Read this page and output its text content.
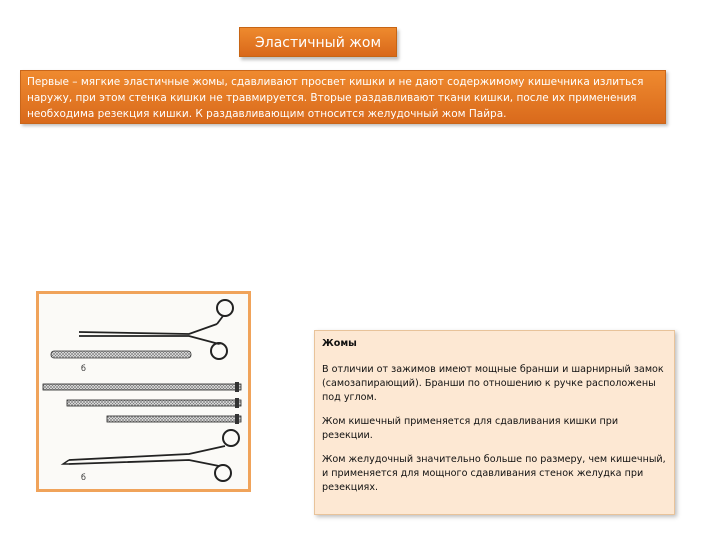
Эластичный жом
Первые – мягкие эластичные жомы, сдавливают просвет кишки и не дают содержимому кишечника излиться наружу, при этом стенка кишки не травмируется. Вторые раздавливают ткани кишки, после их применения необходима резекция кишки. К раздавливающим относится желудочный жом Пайра.
б
б

Жомы

В отличии от зажимов имеют мощные бранши и шарнирный замок (самозапирающий). Бранши по отношению к ручке расположены под углом.

Жом кишечный применяется для сдавливания кишки при резекции.

Жом желудочный значительно больше по размеру, чем кишечный, и применяется для мощного сдавливания стенок желудка при резекциях.
